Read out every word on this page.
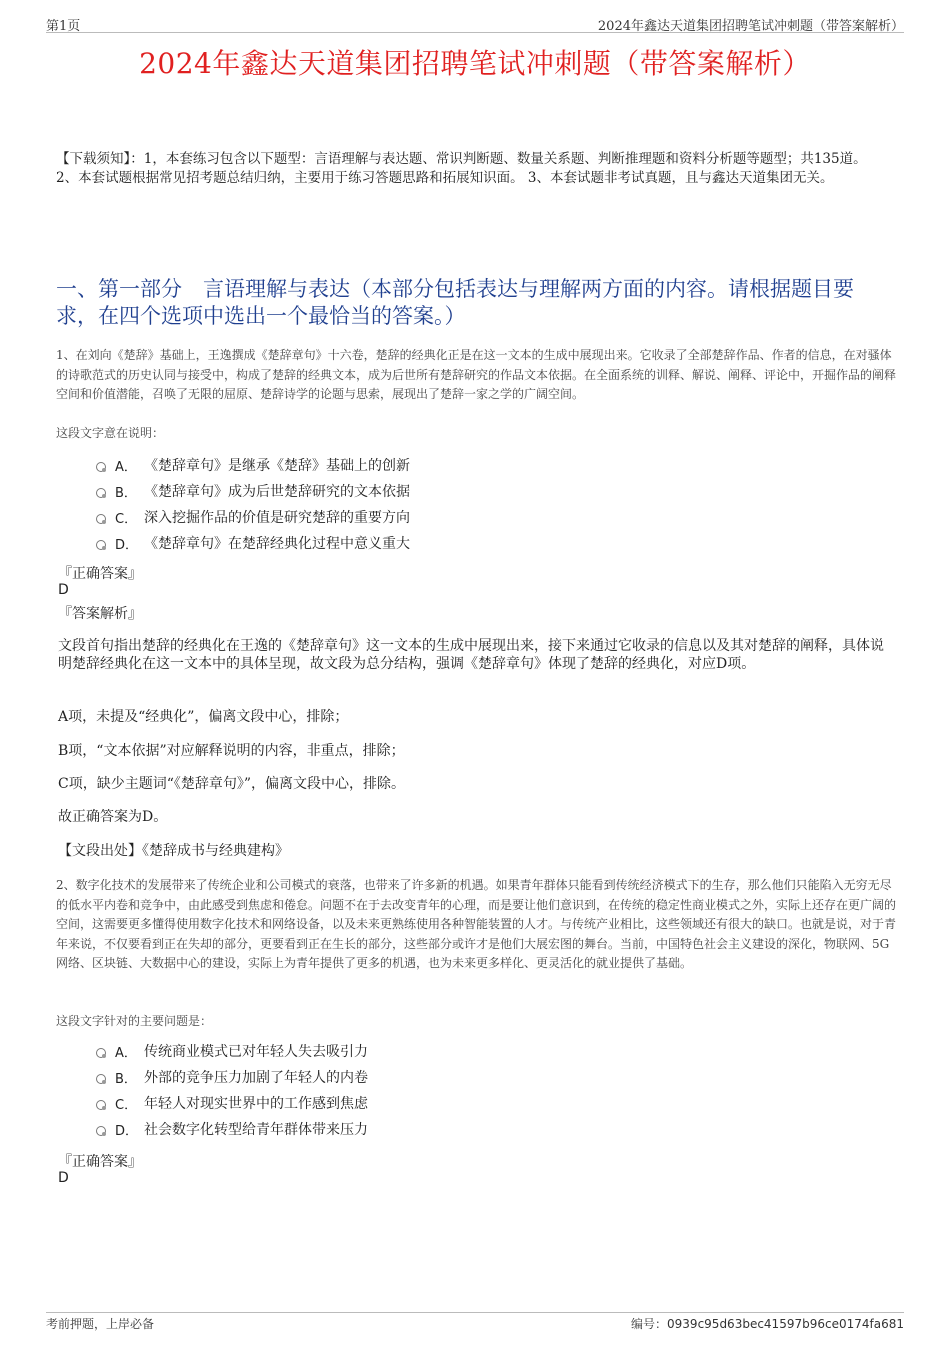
第1页	2024年鑫达天道集团招聘笔试冲刺题（带答案解析）
2024年鑫达天道集团招聘笔试冲刺题（带答案解析）
【下载须知】：1，本套练习包含以下题型：言语理解与表达题、常识判断题、数量关系题、判断推理题和资料分析题等题型；共135道。 2、本套试题根据常见招考题总结归纳，主要用于练习答题思路和拓展知识面。 3、本套试题非考试真题，且与鑫达天道集团无关。
一、第一部分　言语理解与表达（本部分包括表达与理解两方面的内容。请根据题目要求，在四个选项中选出一个最恰当的答案。）
1、在刘向《楚辞》基础上，王逸撰成《楚辞章句》十六卷，楚辞的经典化正是在这一文本的生成中展现出来。它收录了全部楚辞作品、作者的信息，在对骚体的诗歌范式的历史认同与接受中，构成了楚辞的经典文本，成为后世所有楚辞研究的作品文本依据。在全面系统的训释、解说、阐释、评论中，开掘作品的阐释空间和价值潜能，召唤了无限的屈原、楚辞诗学的论题与思索，展现出了楚辞一家之学的广阔空间。
这段文字意在说明：
A． 《楚辞章句》是继承《楚辞》基础上的创新
B． 《楚辞章句》成为后世楚辞研究的文本依据
C． 深入挖掘作品的价值是研究楚辞的重要方向
D． 《楚辞章句》在楚辞经典化过程中意义重大
『正确答案』
D
『答案解析』
文段首句指出楚辞的经典化在王逸的《楚辞章句》这一文本的生成中展现出来，接下来通过它收录的信息以及其对楚辞的阐释，具体说明楚辞经典化在这一文本中的具体呈现，故文段为总分结构，强调《楚辞章句》体现了楚辞的经典化，对应D项。
A项，未提及“经典化”，偏离文段中心，排除；
B项，“文本依据”对应解释说明的内容，非重点，排除；
C项，缺少主题词“《楚辞章句》”，偏离文段中心，排除。
故正确答案为D。
【文段出处】《楚辞成书与经典建构》
2、数字化技术的发展带来了传统企业和公司模式的衰落，也带来了许多新的机遇。如果青年群体只能看到传统经济模式下的生存，那么他们只能陷入无穷无尽的低水平内卷和竞争中，由此感受到焦虑和倦怠。问题不在于去改变青年的心理，而是要让他们意识到，在传统的稳定性商业模式之外，实际上还存在更广阔的空间，这需要更多懂得使用数字化技术和网络设备，以及未来更熟练使用各种智能装置的人才。与传统产业相比，这些领域还有很大的缺口。也就是说，对于青年来说，不仅要看到正在失却的部分，更要看到正在生长的部分，这些部分或许才是他们大展宏图的舞台。当前，中国特色社会主义建设的深化，物联网、5G网络、区块链、大数据中心的建设，实际上为青年提供了更多的机遇，也为未来更多样化、更灵活化的就业提供了基础。
这段文字针对的主要问题是：
A． 传统商业模式已对年轻人失去吸引力
B． 外部的竞争压力加剧了年轻人的内卷
C． 年轻人对现实世界中的工作感到焦虑
D． 社会数字化转型给青年群体带来压力
『正确答案』
D
考前押题，上岸必备	编号：0939c95d63bec41597b96ce0174fa681
